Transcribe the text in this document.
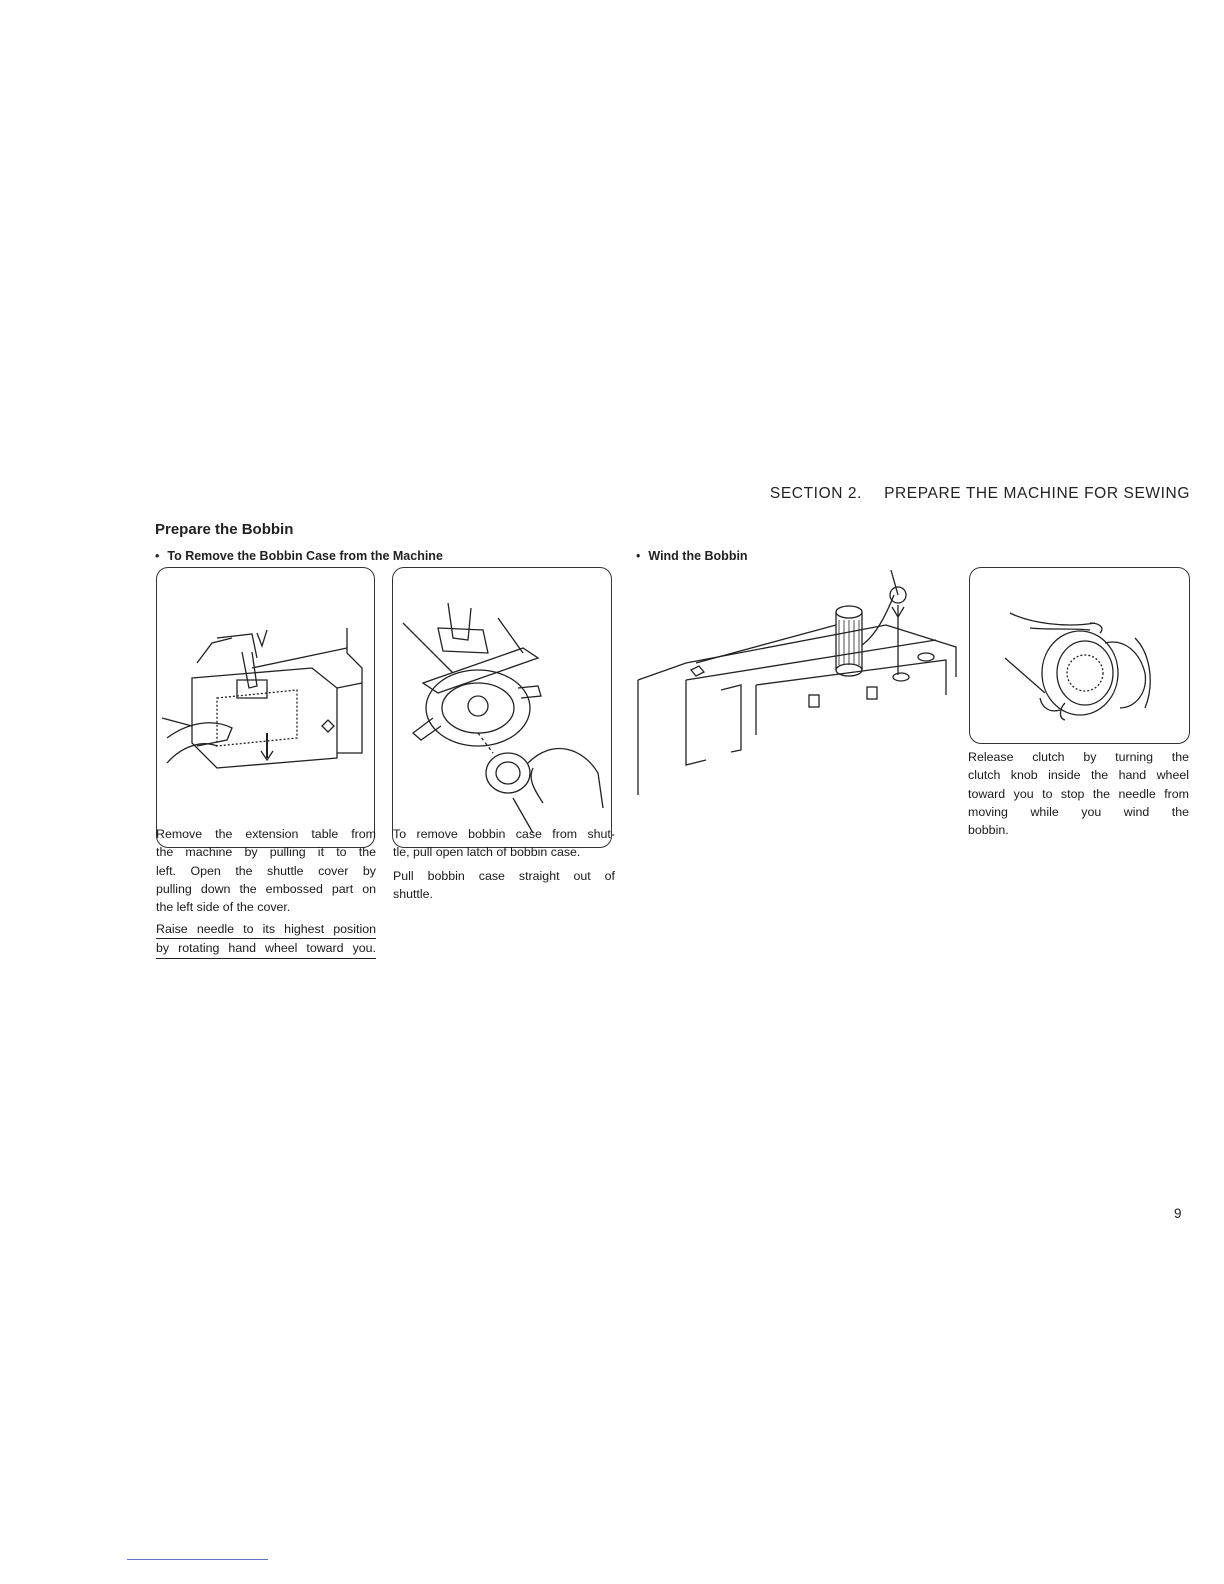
SECTION 2. PREPARE THE MACHINE FOR SEWING
Prepare the Bobbin
• To Remove the Bobbin Case from the Machine	• Wind the Bobbin
Remove the extension table from
the machine by pulling it to the
left. Open the shuttle cover by
pulling down the embossed part on
the left side of the cover.
Raise needle to its highest position
by rotating hand wheel toward you.
To remove bobbin case from shut-
tle, pull open latch of bobbin case.
Pull bobbin case straight out of
shuttle.
Release clutch by turning the
clutch knob inside the hand wheel
toward you to stop the needle from
moving while you wind the
bobbin.
9
